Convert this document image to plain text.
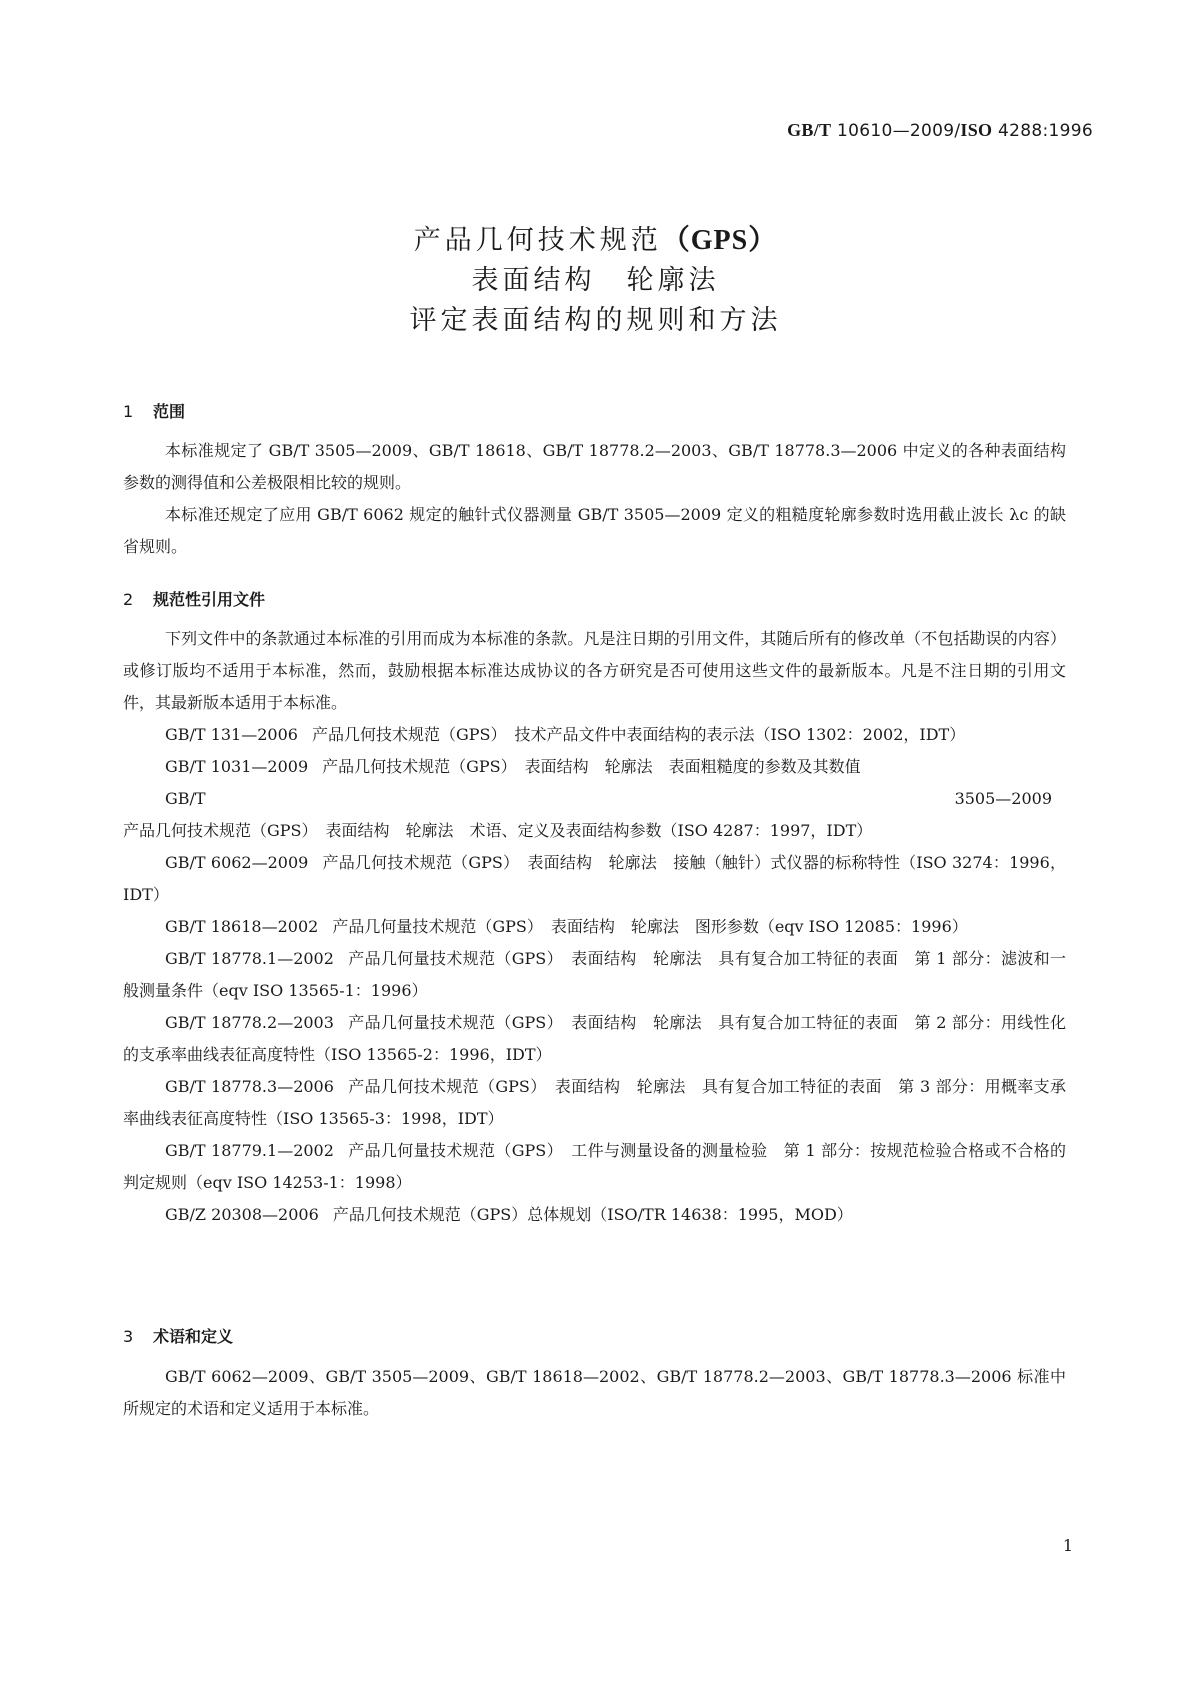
GB/T 10610—2009/ISO 4288:1996
产品几何技术规范（GPS）
表面结构　轮廓法
评定表面结构的规则和方法
1 范围

本标准规定了 GB/T 3505—2009、GB/T 18618、GB/T 18778.2—2003、GB/T 18778.3—2006 中定义的各种表面结构参数的测得值和公差极限相比较的规则。

本标准还规定了应用 GB/T 6062 规定的触针式仪器测量 GB/T 3505—2009 定义的粗糙度轮廓参数时选用截止波长 λc 的缺省规则。

2 规范性引用文件

下列文件中的条款通过本标准的引用而成为本标准的条款。凡是注日期的引用文件，其随后所有的修改单（不包括勘误的内容）或修订版均不适用于本标准，然而，鼓励根据本标准达成协议的各方研究是否可使用这些文件的最新版本。凡是不注日期的引用文件，其最新版本适用于本标准。

GB/T 131—2006 产品几何技术规范（GPS）　技术产品文件中表面结构的表示法（ISO 1302：2002，IDT）

GB/T 1031—2009 产品几何技术规范（GPS）　表面结构　轮廓法　表面粗糙度的参数及其数值

GB/T 3505—2009产品几何技术规范（GPS）　表面结构　轮廓法　术语、定义及表面结构参数（ISO 4287：1997，IDT）

GB/T 6062—2009 产品几何技术规范（GPS）　表面结构　轮廓法　接触（触针）式仪器的标称特性（ISO 3274：1996，IDT）

GB/T 18618—2002 产品几何量技术规范（GPS）　表面结构　轮廓法　图形参数（eqv ISO 12085：1996）

GB/T 18778.1—2002 产品几何量技术规范（GPS）　表面结构　轮廓法　具有复合加工特征的表面　第 1 部分：滤波和一般测量条件（eqv ISO 13565-1：1996）

GB/T 18778.2—2003 产品几何量技术规范（GPS）　表面结构　轮廓法　具有复合加工特征的表面　第 2 部分：用线性化的支承率曲线表征高度特性（ISO 13565-2：1996，IDT）

GB/T 18778.3—2006 产品几何技术规范（GPS）　表面结构　轮廓法　具有复合加工特征的表面　第 3 部分：用概率支承率曲线表征高度特性（ISO 13565-3：1998，IDT）

GB/T 18779.1—2002 产品几何量技术规范（GPS）　工件与测量设备的测量检验　第 1 部分：按规范检验合格或不合格的判定规则（eqv ISO 14253-1：1998）

GB/Z 20308—2006 产品几何技术规范（GPS）总体规划（ISO/TR 14638：1995，MOD）

3 术语和定义

GB/T 6062—2009、GB/T 3505—2009、GB/T 18618—2002、GB/T 18778.2—2003、GB/T 18778.3—2006 标准中所规定的术语和定义适用于本标准。

1
